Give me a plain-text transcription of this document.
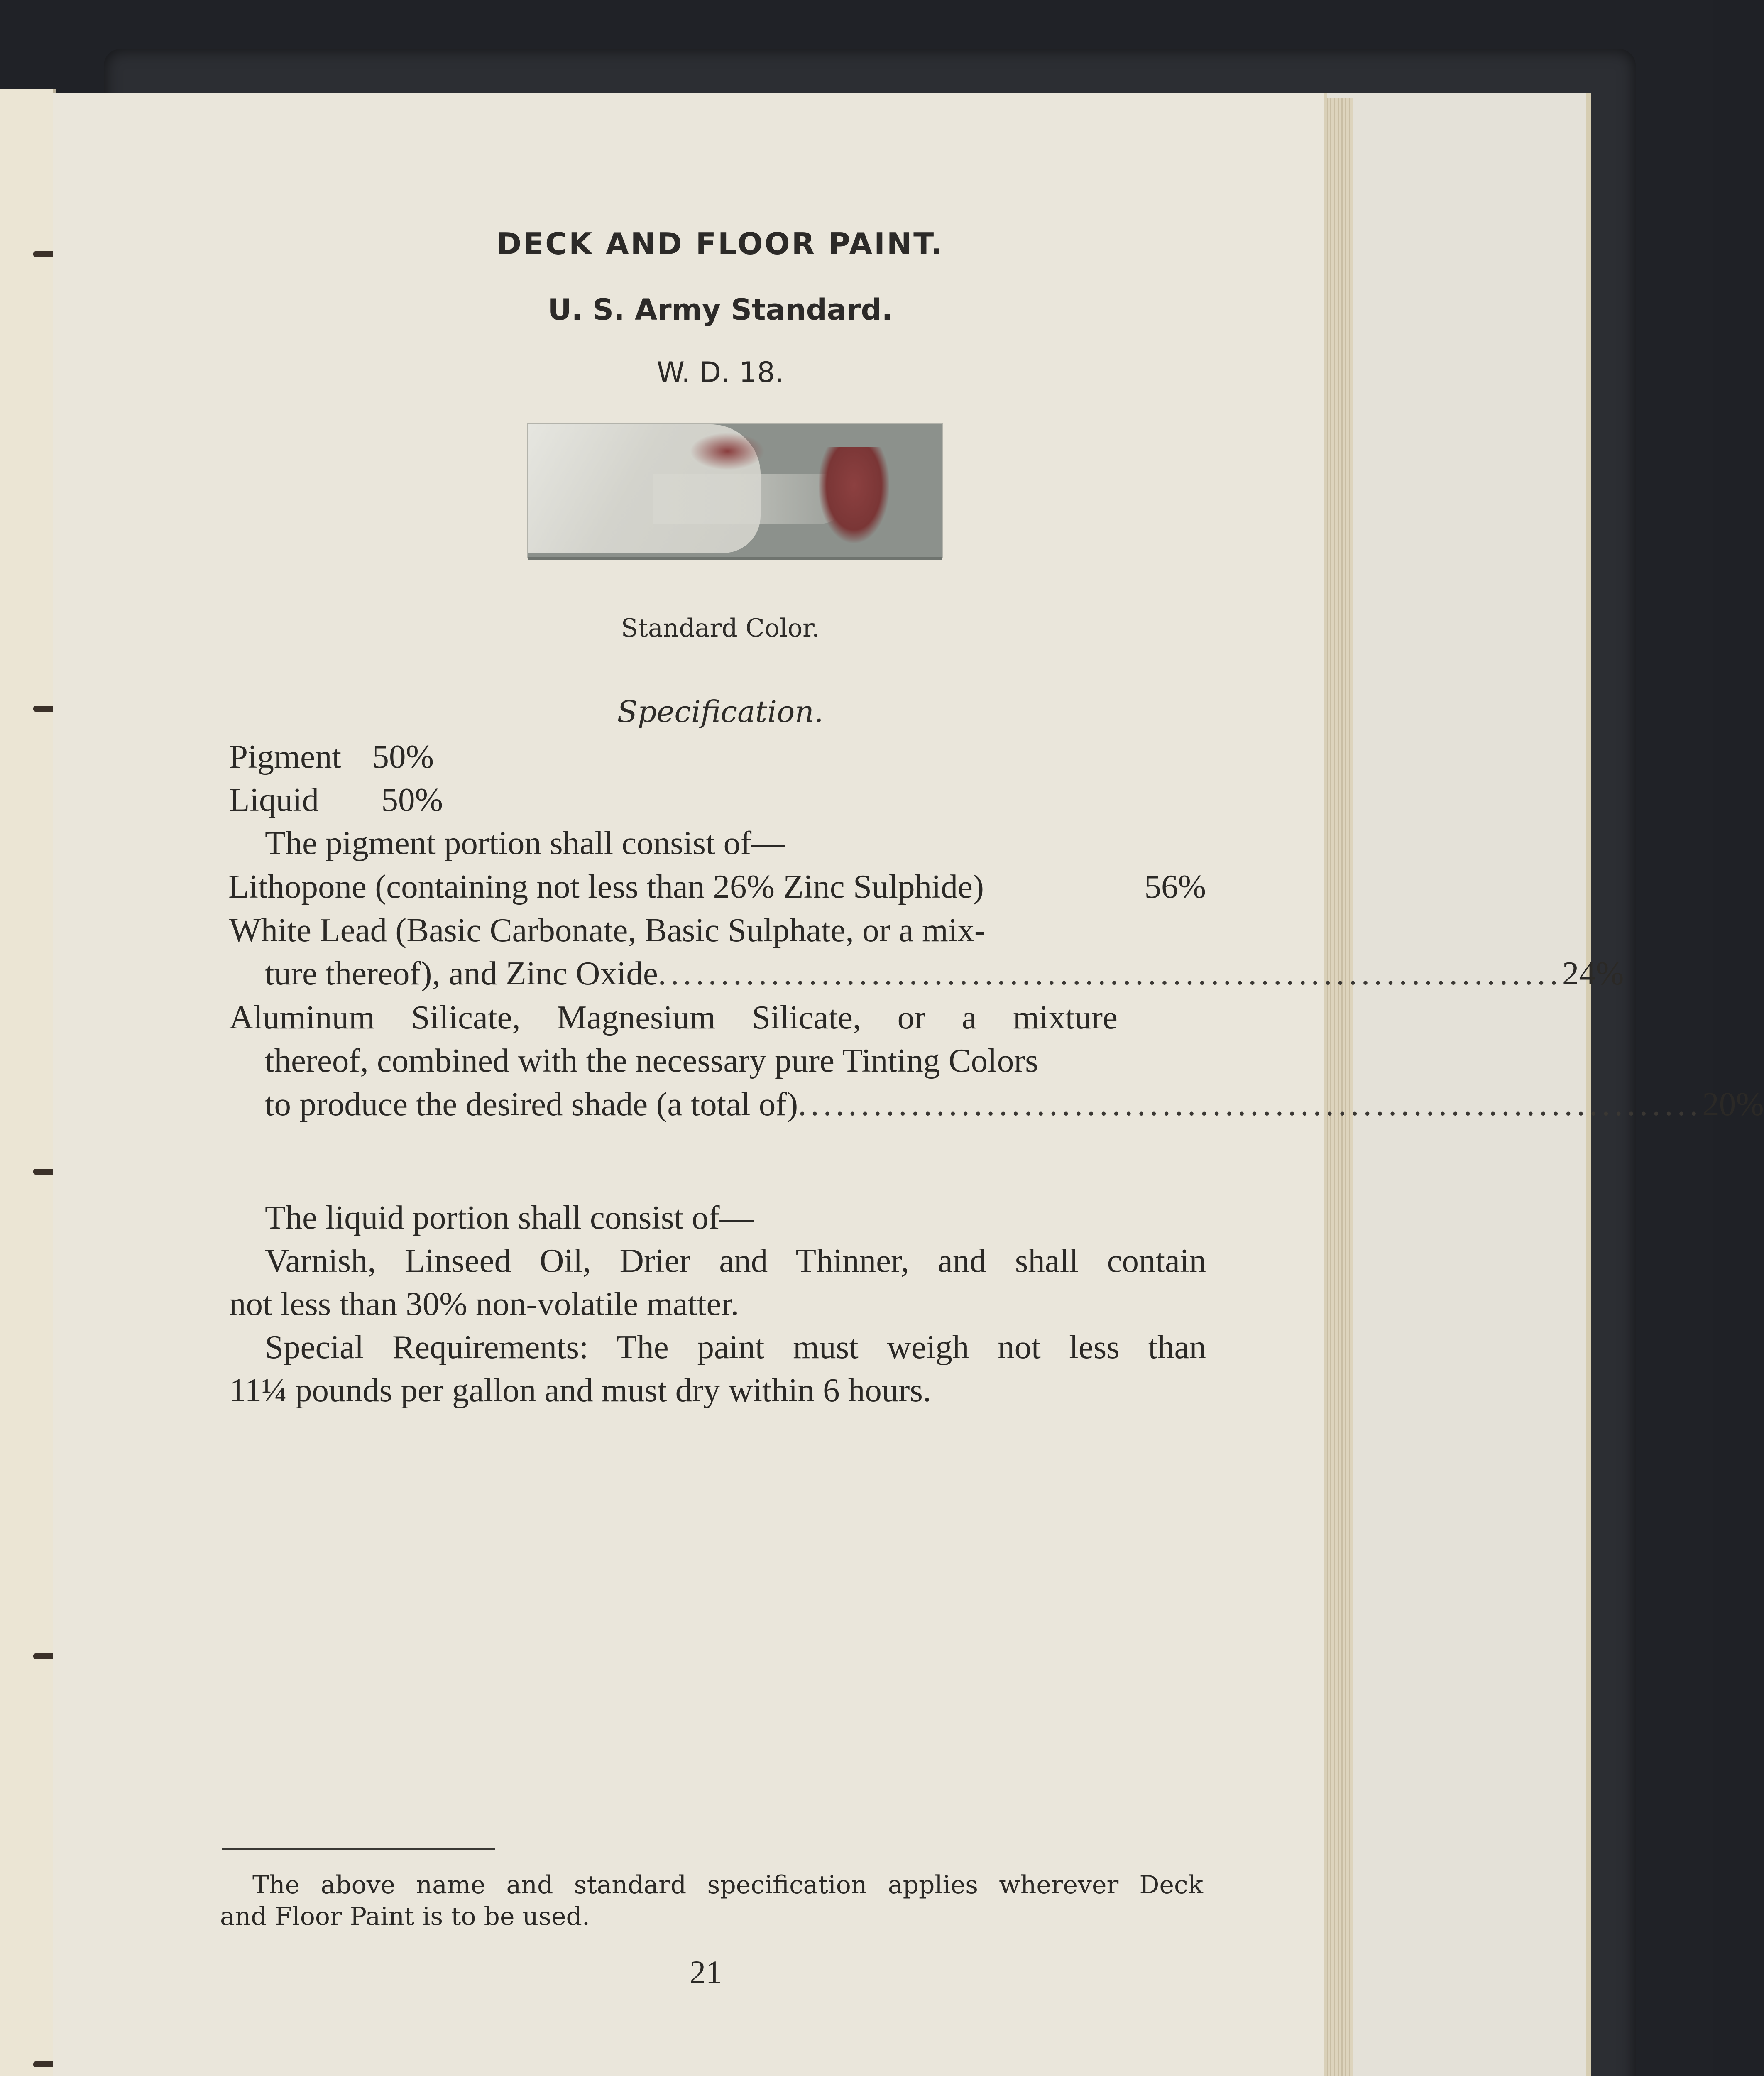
DECK AND FLOOR PAINT.
U. S. Army Standard.
W. D. 18.
Standard Color.
Specification.
Pigment 50%
Liquid 50%
The pigment portion shall consist of—
Lithopone (containing not less than 26% Zinc Sulphide)	56%
White Lead (Basic Carbonate, Basic Sulphate, or a mix-
ture thereof), and Zinc Oxide ........................................................................ 24%
Aluminum Silicate, Magnesium Silicate, or a mixture
thereof, combined with the necessary pure Tinting Colors
to produce the desired shade (a total of) ........................................................................ 20%
The liquid portion shall consist of—
Varnish, Linseed Oil, Drier and Thinner, and shall contain
not less than 30% non-volatile matter.
Special Requirements: The paint must weigh not less than
11¼ pounds per gallon and must dry within 6 hours.
The above name and standard specification applies wherever Deck
and Floor Paint is to be used.
21
